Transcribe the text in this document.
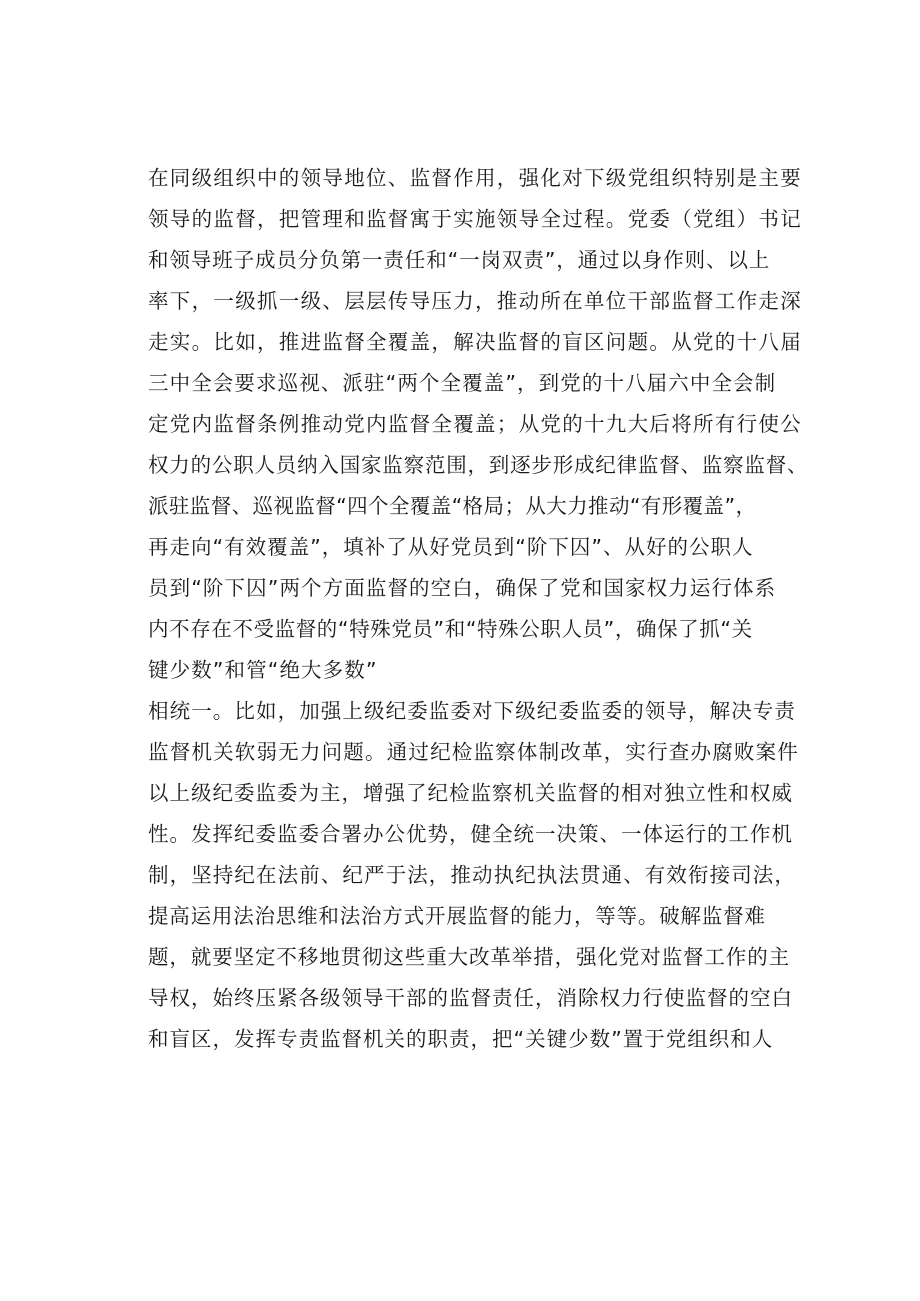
在同级组织中的领导地位、监督作用，强化对下级党组织特别是主要
领导的监督，把管理和监督寓于实施领导全过程。党委（党组）书记
和领导班子成员分负第一责任和“一岗双责”，通过以身作则、以上
率下，一级抓一级、层层传导压力，推动所在单位干部监督工作走深
走实。比如，推进监督全覆盖，解决监督的盲区问题。从党的十八届
三中全会要求巡视、派驻“两个全覆盖”，到党的十八届六中全会制
定党内监督条例推动党内监督全覆盖；从党的十九大后将所有行使公
权力的公职人员纳入国家监察范围，到逐步形成纪律监督、监察监督、
派驻监督、巡视监督“四个全覆盖“格局；从大力推动“有形覆盖”，
再走向“有效覆盖”，填补了从好党员到“阶下囚”、从好的公职人
员到“阶下囚”两个方面监督的空白，确保了党和国家权力运行体系
内不存在不受监督的“特殊党员”和“特殊公职人员”，确保了抓“关
键少数”和管“绝大多数”
相统一。比如，加强上级纪委监委对下级纪委监委的领导，解决专责
监督机关软弱无力问题。通过纪检监察体制改革，实行查办腐败案件
以上级纪委监委为主，增强了纪检监察机关监督的相对独立性和权威
性。发挥纪委监委合署办公优势，健全统一决策、一体运行的工作机
制，坚持纪在法前、纪严于法，推动执纪执法贯通、有效衔接司法，
提高运用法治思维和法治方式开展监督的能力，等等。破解监督难
题，就要坚定不移地贯彻这些重大改革举措，强化党对监督工作的主
导权，始终压紧各级领导干部的监督责任，消除权力行使监督的空白
和盲区，发挥专责监督机关的职责，把“关键少数”置于党组织和人
